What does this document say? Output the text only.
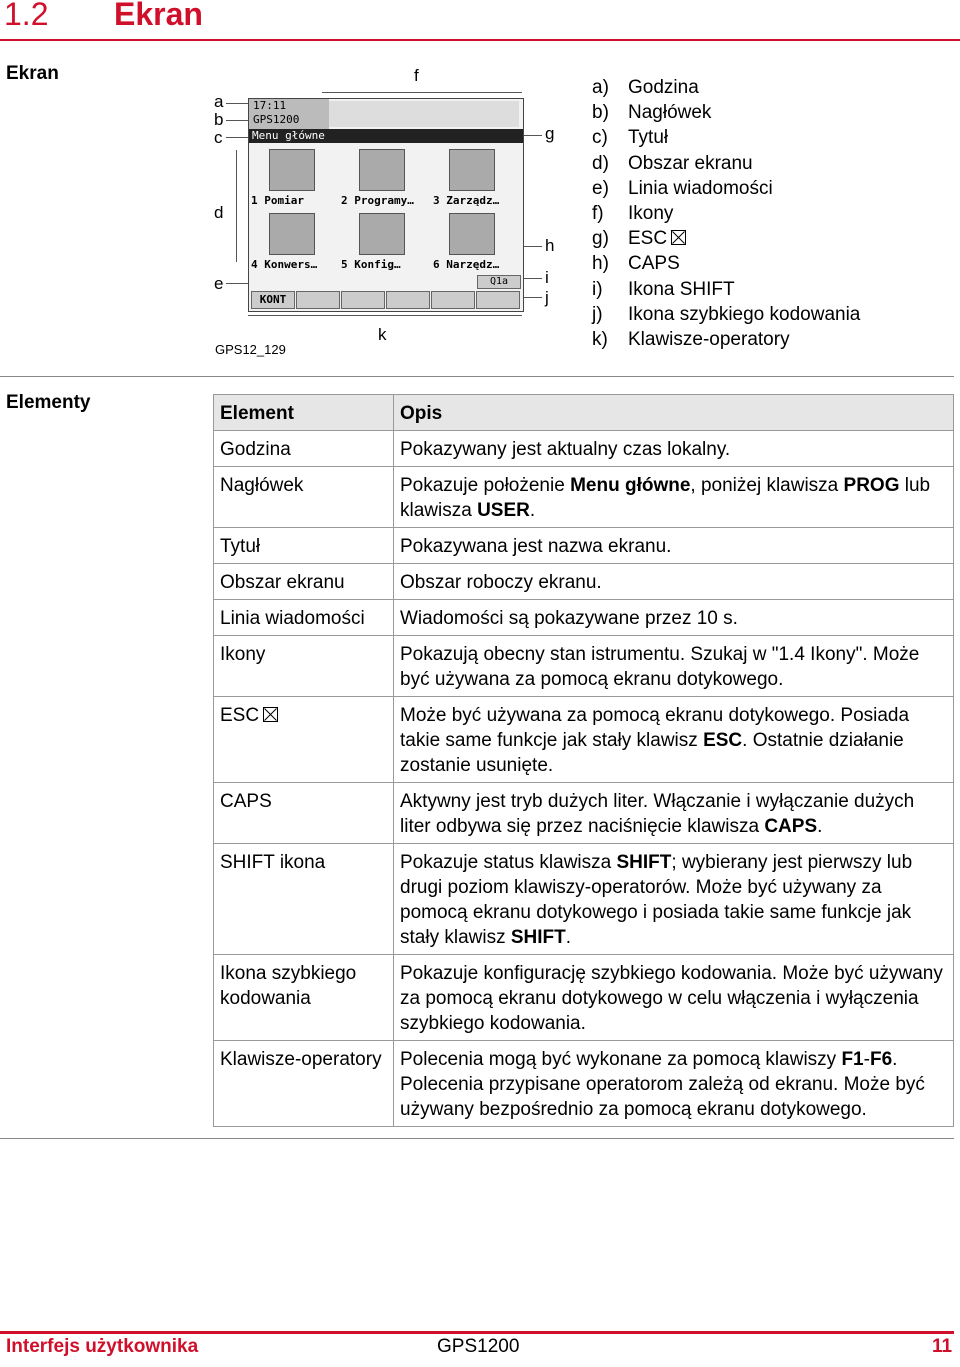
1.2 Ekran
Ekran
a
b
c
d
e
f
g
h
i
j
k
17:11
GPS1200
Menu główne
1 Pomiar	2 Programy…	3 Zarządz…
4 Konwers…	5 Konfig…	6 Narzędz…
Q1a
KONT
GPS12_129
a) Godzina
b) Nagłówek
c) Tytuł
d) Obszar ekranu
e) Linia wiadomości
f) Ikony
g) ESC
h) CAPS
i) Ikona SHIFT
j) Ikona szybkiego kodowania
k) Klawisze-operatory
Elementy
Element	Opis
Godzina	Pokazywany jest aktualny czas lokalny.
Nagłówek	Pokazuje położenie Menu główne, poniżej klawisza PROG lub klawisza USER.
Tytuł	Pokazywana jest nazwa ekranu.
Obszar ekranu	Obszar roboczy ekranu.
Linia wiadomości	Wiadomości są pokazywane przez 10 s.
Ikony	Pokazują obecny stan istrumentu. Szukaj w "1.4 Ikony". Może być używana za pomocą ekranu dotykowego.
ESC	Może być używana za pomocą ekranu dotykowego. Posiada takie same funkcje jak stały klawisz ESC. Ostatnie działanie zostanie usunięte.
CAPS	Aktywny jest tryb dużych liter. Włączanie i wyłączanie dużych liter odbywa się przez naciśnięcie klawisza CAPS.
SHIFT ikona	Pokazuje status klawisza SHIFT; wybierany jest pierwszy lub drugi poziom klawiszy-operatorów. Może być używany za pomocą ekranu dotykowego i posiada takie same funkcje jak stały klawisz SHIFT.
Ikona szybkiego kodowania	Pokazuje konfigurację szybkiego kodowania. Może być używany za pomocą ekranu dotykowego w celu włączenia i wyłączenia szybkiego kodowania.
Klawisze-operatory	Polecenia mogą być wykonane za pomocą klawiszy F1-F6. Polecenia przypisane operatorom zależą od ekranu. Może być używany bezpośrednio za pomocą ekranu dotykowego.
Interfejs użytkownika	GPS1200	11
